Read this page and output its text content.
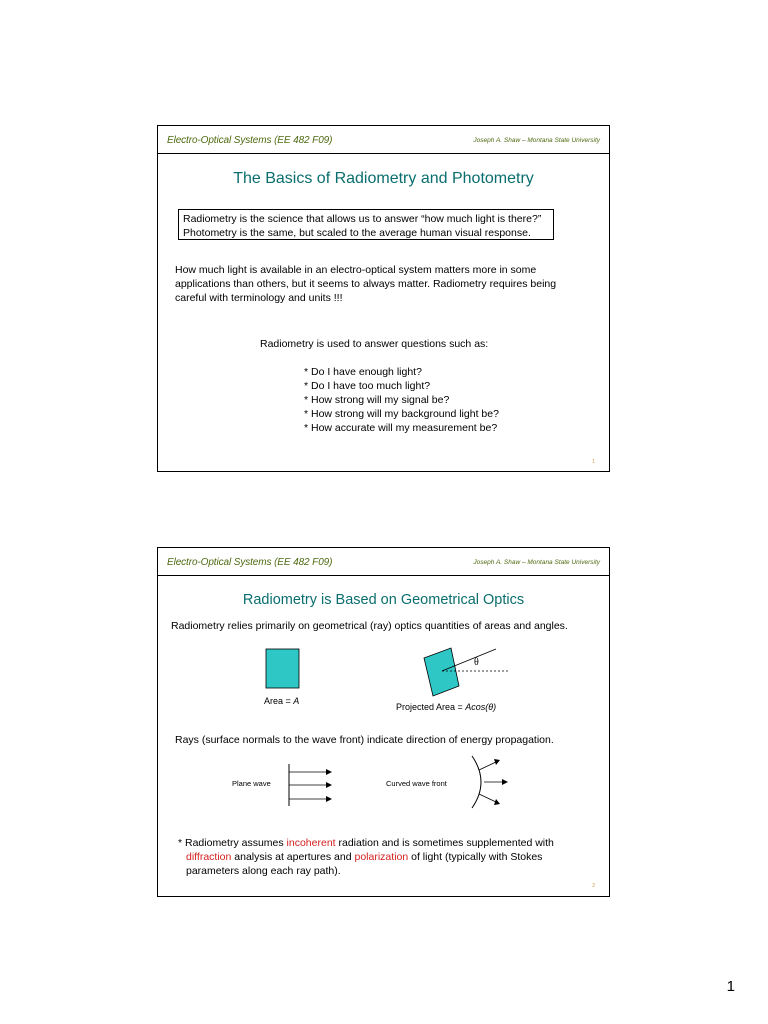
Electro-Optical Systems (EE 482 F09)	Joseph A. Shaw – Montana State University
The Basics of Radiometry and Photometry
Radiometry is the science that allows us to answer “how much light is there?”
Photometry is the same, but scaled to the average human visual response.
How much light is available in an electro-optical system matters more in some
applications than others, but it seems to always matter. Radiometry requires being
careful with terminology and units !!!
Radiometry is used to answer questions such as:
* Do I have enough light?
* Do I have too much light?
* How strong will my signal be?
* How strong will my background light be?
* How accurate will my measurement be?
1
Electro-Optical Systems (EE 482 F09)	Joseph A. Shaw – Montana State University
Radiometry is Based on Geometrical Optics
Radiometry relies primarily on geometrical (ray) optics quantities of areas and angles.
Area = A
θ
Projected Area = Acos(θ)
Rays (surface normals to the wave front) indicate direction of energy propagation.
Plane wave	Curved wave front
* Radiometry assumes incoherent radiation and is sometimes supplemented with
diffraction analysis at apertures and polarization of light (typically with Stokes
parameters along each ray path).
2
1
